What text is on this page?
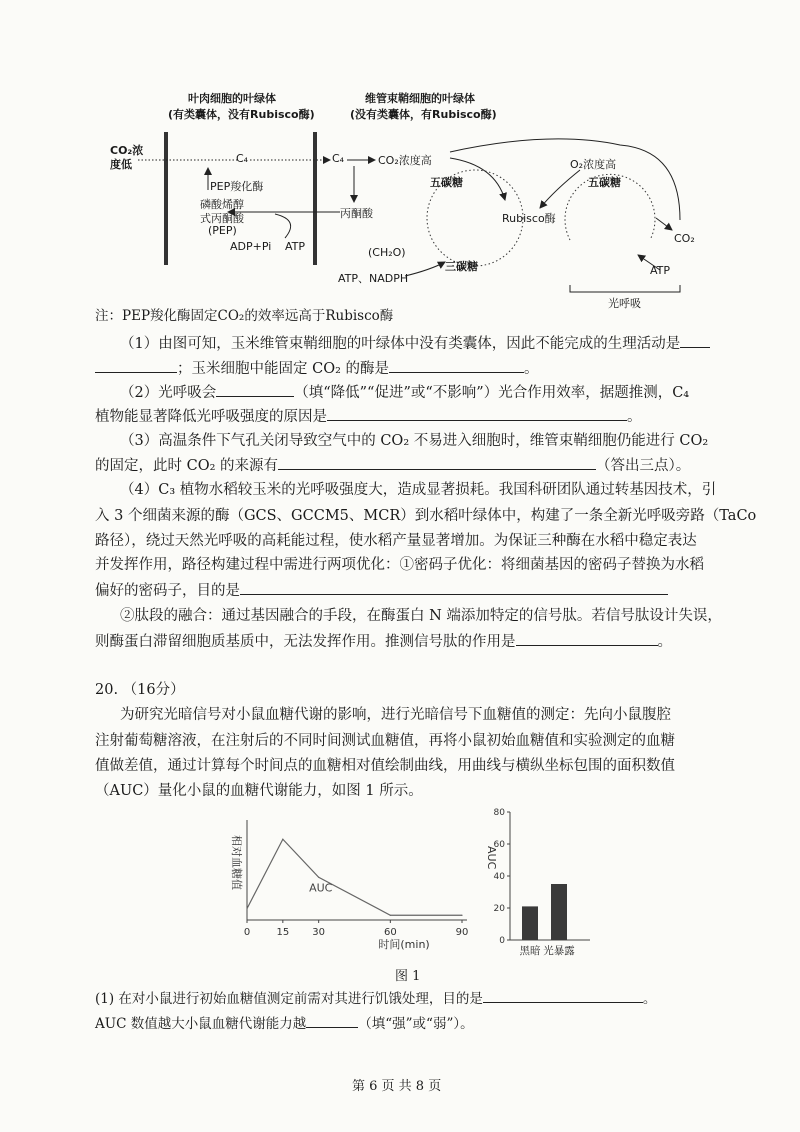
叶肉细胞的叶绿体
(有类囊体，没有Rubisco酶)
维管束鞘细胞的叶绿体
(没有类囊体，有Rubisco酶)
CO₂浓
度低	C₄	C₄	CO₂浓度高
PEP羧化酶
磷酸烯醇
式丙酮酸
(PEP)
ADP+Pi ATP
丙酮酸
五碳糖
Rubisco酶
(CH₂O)
三碳糖
ATP、NADPH
O₂浓度高
五碳糖
CO₂
ATP
光呼吸
注：PEP羧化酶固定CO₂的效率远高于Rubisco酶
（1）由图可知，玉米维管束鞘细胞的叶绿体中没有类囊体，因此不能完成的生理活动是
；玉米细胞中能固定 CO₂ 的酶是	。
（2）光呼吸会	（填“降低”“促进”或“不影响”）光合作用效率，据题推测，C₄
植物能显著降低光呼吸强度的原因是	。
（3）高温条件下气孔关闭导致空气中的 CO₂ 不易进入细胞时，维管束鞘细胞仍能进行 CO₂
的固定，此时 CO₂ 的来源有	（答出三点）。
（4）C₃ 植物水稻较玉米的光呼吸强度大，造成显著损耗。我国科研团队通过转基因技术，引
入 3 个细菌来源的酶（GCS、GCCM5、MCR）到水稻叶绿体中，构建了一条全新光呼吸旁路（TaCo
路径），绕过天然光呼吸的高耗能过程，使水稻产量显著增加。为保证三种酶在水稻中稳定表达
并发挥作用，路径构建过程中需进行两项优化：①密码子优化：将细菌基因的密码子替换为水稻
偏好的密码子，目的是
②肽段的融合：通过基因融合的手段，在酶蛋白 N 端添加特定的信号肽。若信号肽设计失误，
则酶蛋白滞留细胞质基质中，无法发挥作用。推测信号肽的作用是	。
20. （16分）
为研究光暗信号对小鼠血糖代谢的影响，进行光暗信号下血糖值的测定：先向小鼠腹腔
注射葡萄糖溶液，在注射后的不同时间测试血糖值，再将小鼠初始血糖值和实验测定的血糖
值做差值，通过计算每个时间点的血糖相对值绘制曲线，用曲线与横纵坐标包围的面积数值
（AUC）量化小鼠的血糖代谢能力，如图 1 所示。
0	15 30	60	90
AUC
时间(min)
相对血糖值
0
20
40
60
80
黑暗 光暴露
AUC
图 1
(1) 在对小鼠进行初始血糖值测定前需对其进行饥饿处理，目的是	。
AUC 数值越大小鼠血糖代谢能力越	（填“强”或“弱”）。
第 6 页 共 8 页
